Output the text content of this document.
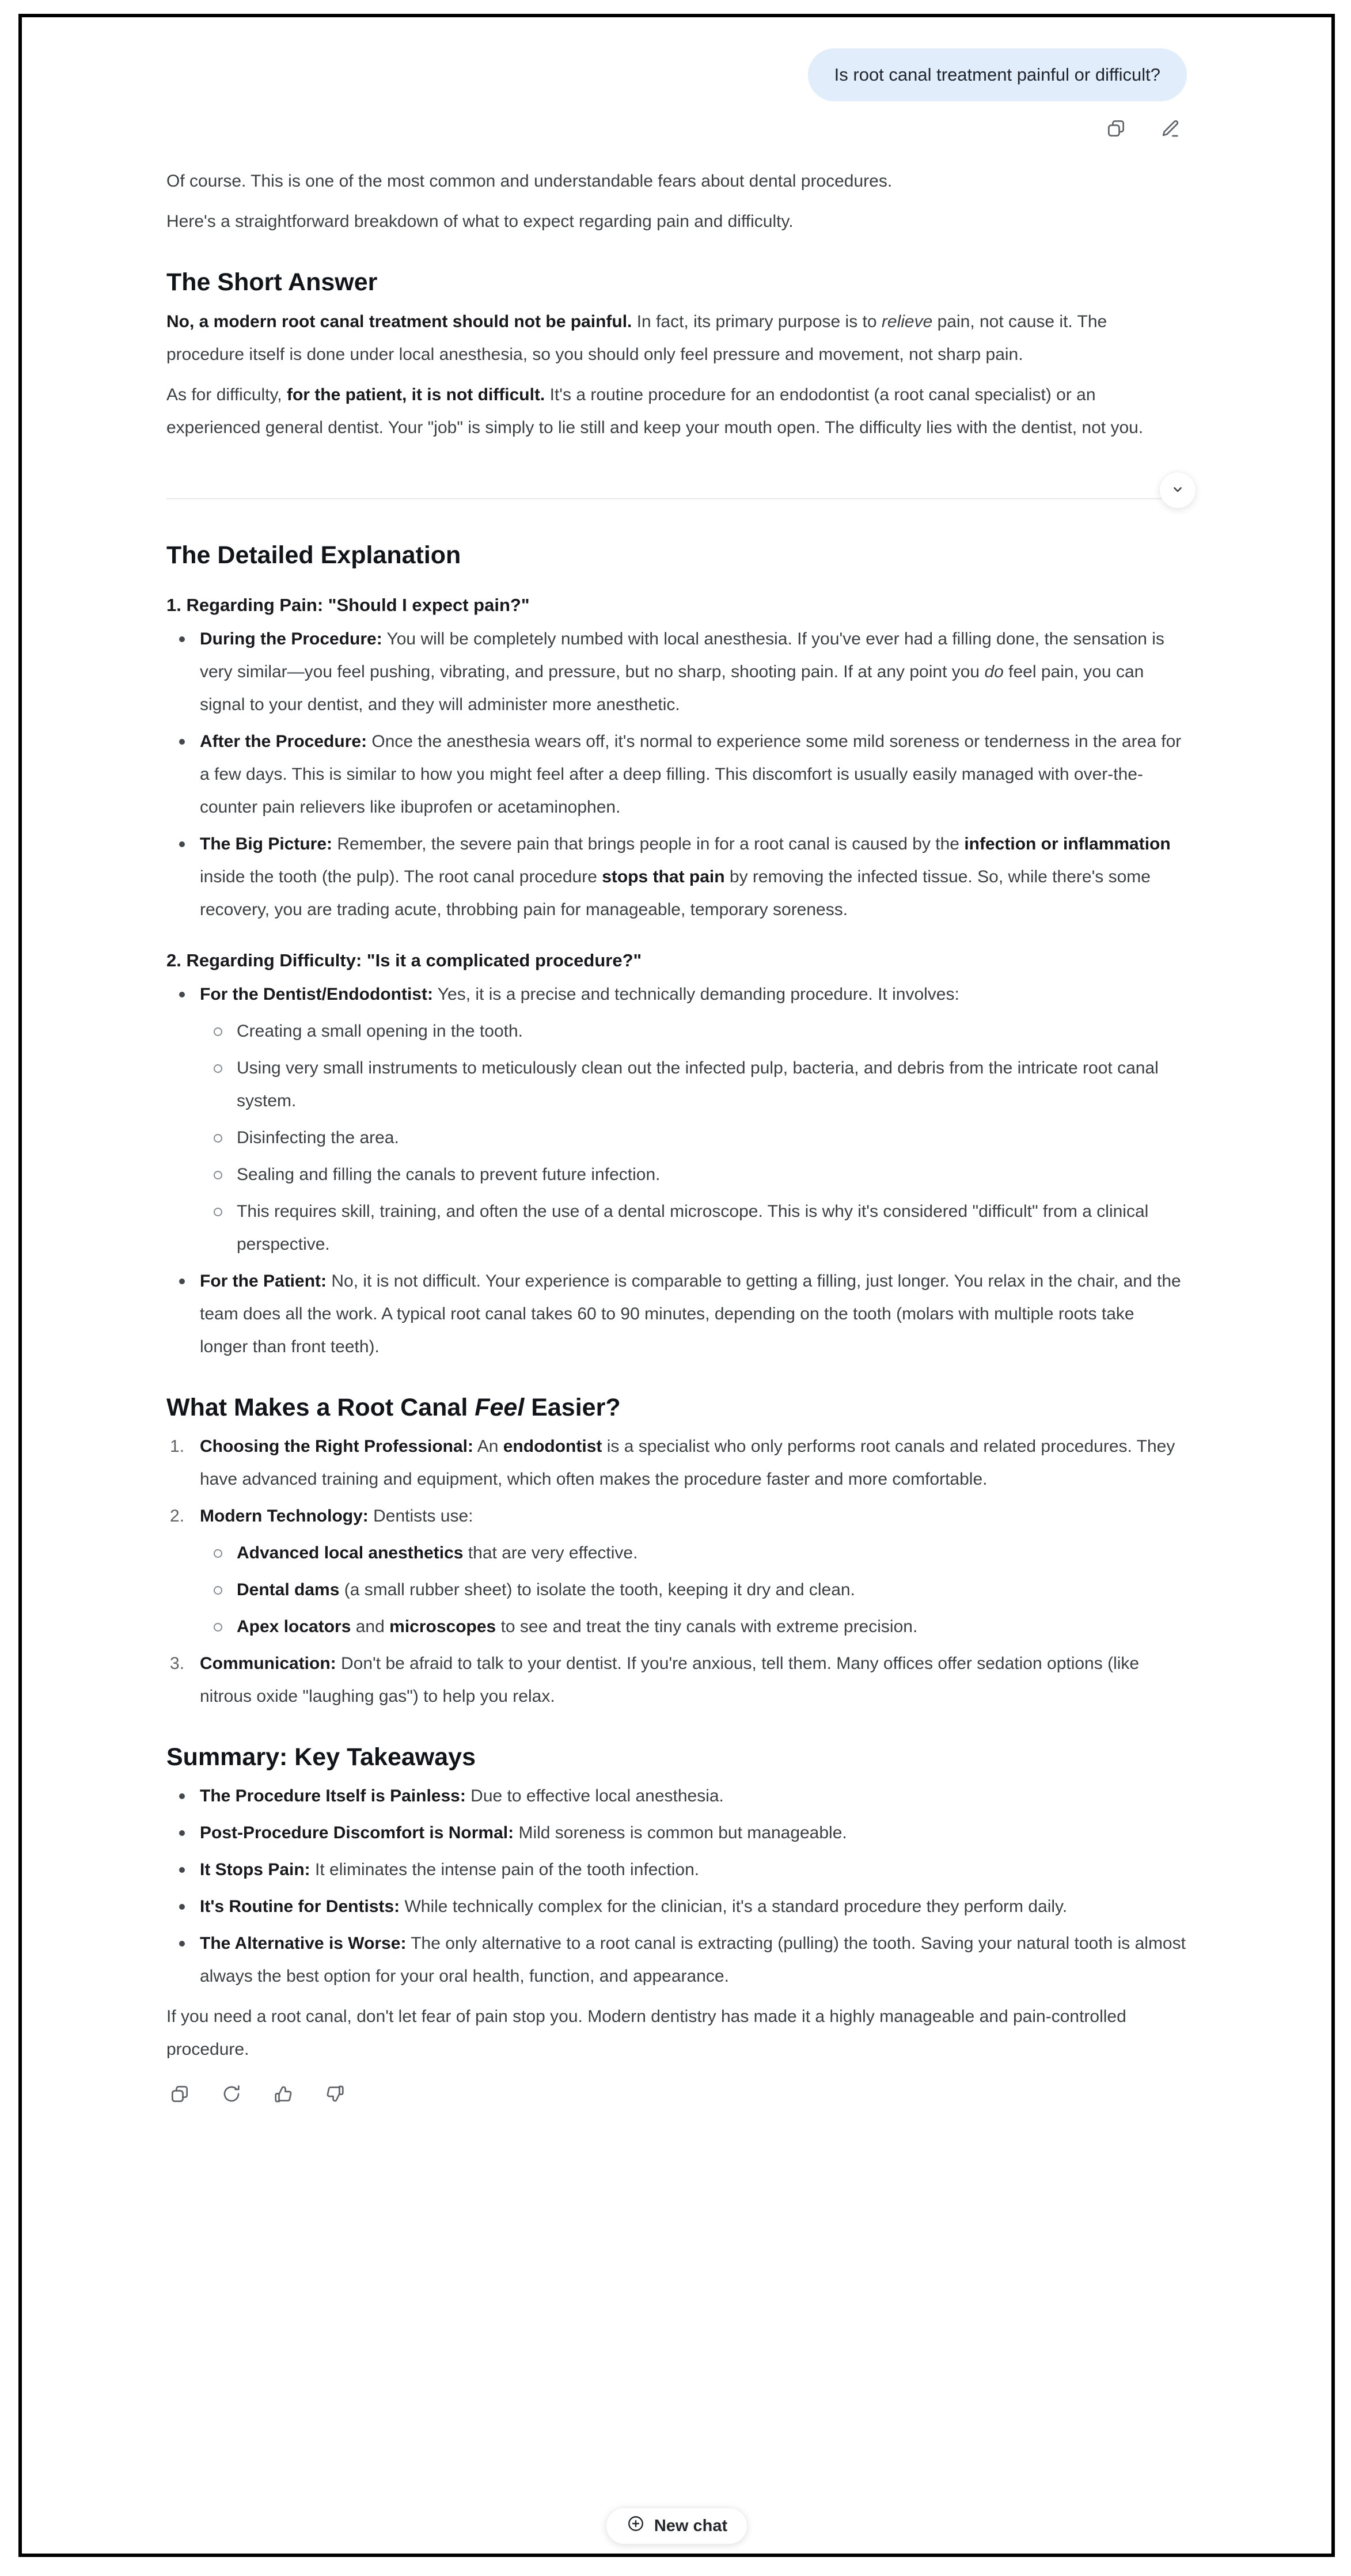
Is root canal treatment painful or difficult?

Of course. This is one of the most common and understandable fears about dental procedures.

Here's a straightforward breakdown of what to expect regarding pain and difficulty.

The Short Answer

No, a modern root canal treatment should not be painful. In fact, its primary purpose is to relieve pain, not cause it. The procedure itself is done under local anesthesia, so you should only feel pressure and movement, not sharp pain.

As for difficulty, for the patient, it is not difficult. It's a routine procedure for an endodontist (a root canal specialist) or an experienced general dentist. Your "job" is simply to lie still and keep your mouth open. The difficulty lies with the dentist, not you.

The Detailed Explanation
1. Regarding Pain: "Should I expect pain?"
During the Procedure: You will be completely numbed with local anesthesia. If you've ever had a filling done, the sensation is very similar—you feel pushing, vibrating, and pressure, but no sharp, shooting pain. If at any point you do feel pain, you can signal to your dentist, and they will administer more anesthetic.
After the Procedure: Once the anesthesia wears off, it's normal to experience some mild soreness or tenderness in the area for a few days. This is similar to how you might feel after a deep filling. This discomfort is usually easily managed with over-the-counter pain relievers like ibuprofen or acetaminophen.
The Big Picture: Remember, the severe pain that brings people in for a root canal is caused by the infection or inflammation inside the tooth (the pulp). The root canal procedure stops that pain by removing the infected tissue. So, while there's some recovery, you are trading acute, throbbing pain for manageable, temporary soreness.
2. Regarding Difficulty: "Is it a complicated procedure?"
For the Dentist/Endodontist: Yes, it is a precise and technically demanding procedure. It involves:
Creating a small opening in the tooth.
Using very small instruments to meticulously clean out the infected pulp, bacteria, and debris from the intricate root canal system.
Disinfecting the area.
Sealing and filling the canals to prevent future infection.
This requires skill, training, and often the use of a dental microscope. This is why it's considered "difficult" from a clinical perspective.
For the Patient: No, it is not difficult. Your experience is comparable to getting a filling, just longer. You relax in the chair, and the team does all the work. A typical root canal takes 60 to 90 minutes, depending on the tooth (molars with multiple roots take longer than front teeth).
What Makes a Root Canal Feel Easier?
Choosing the Right Professional: An endodontist is a specialist who only performs root canals and related procedures. They have advanced training and equipment, which often makes the procedure faster and more comfortable.
Modern Technology: Dentists use:
Advanced local anesthetics that are very effective.
Dental dams (a small rubber sheet) to isolate the tooth, keeping it dry and clean.
Apex locators and microscopes to see and treat the tiny canals with extreme precision.
Communication: Don't be afraid to talk to your dentist. If you're anxious, tell them. Many offices offer sedation options (like nitrous oxide "laughing gas") to help you relax.
Summary: Key Takeaways
The Procedure Itself is Painless: Due to effective local anesthesia.
Post-Procedure Discomfort is Normal: Mild soreness is common but manageable.
It Stops Pain: It eliminates the intense pain of the tooth infection.
It's Routine for Dentists: While technically complex for the clinician, it's a standard procedure they perform daily.
The Alternative is Worse: The only alternative to a root canal is extracting (pulling) the tooth. Saving your natural tooth is almost always the best option for your oral health, function, and appearance.

If you need a root canal, don't let fear of pain stop you. Modern dentistry has made it a highly manageable and pain-controlled procedure.

New chat
